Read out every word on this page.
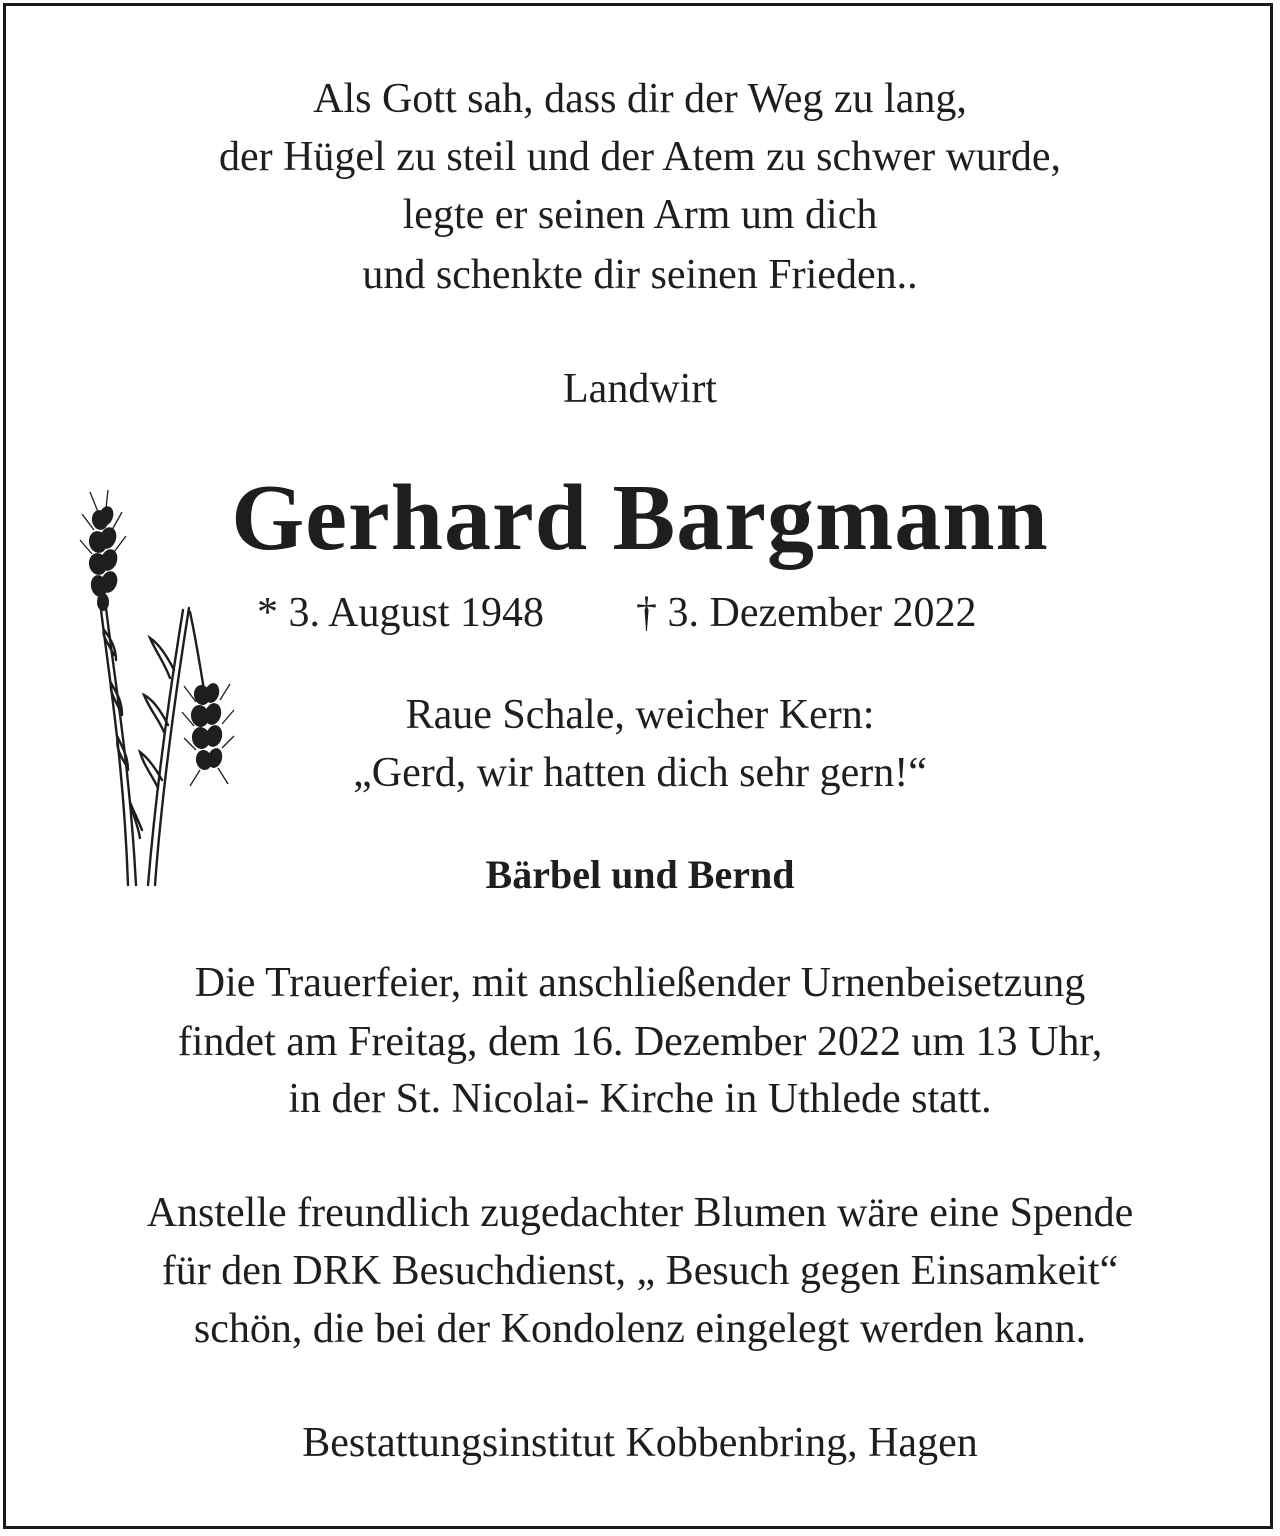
Als Gott sah, dass dir der Weg zu lang,
der Hügel zu steil und der Atem zu schwer wurde,
legte er seinen Arm um dich
und schenkte dir seinen Frieden..
Landwirt
Gerhard Bargmann
* 3. August 1948 † 3. Dezember 2022
Raue Schale, weicher Kern:
„Gerd, wir hatten dich sehr gern!“
Bärbel und Bernd
Die Trauerfeier, mit anschließender Urnenbeisetzung
findet am Freitag, dem 16. Dezember 2022 um 13 Uhr,
in der St. Nicolai- Kirche in Uthlede statt.
Anstelle freundlich zugedachter Blumen wäre eine Spende
für den DRK Besuchdienst, „ Besuch gegen Einsamkeit“
schön, die bei der Kondolenz eingelegt werden kann.
Bestattungsinstitut Kobbenbring, Hagen
